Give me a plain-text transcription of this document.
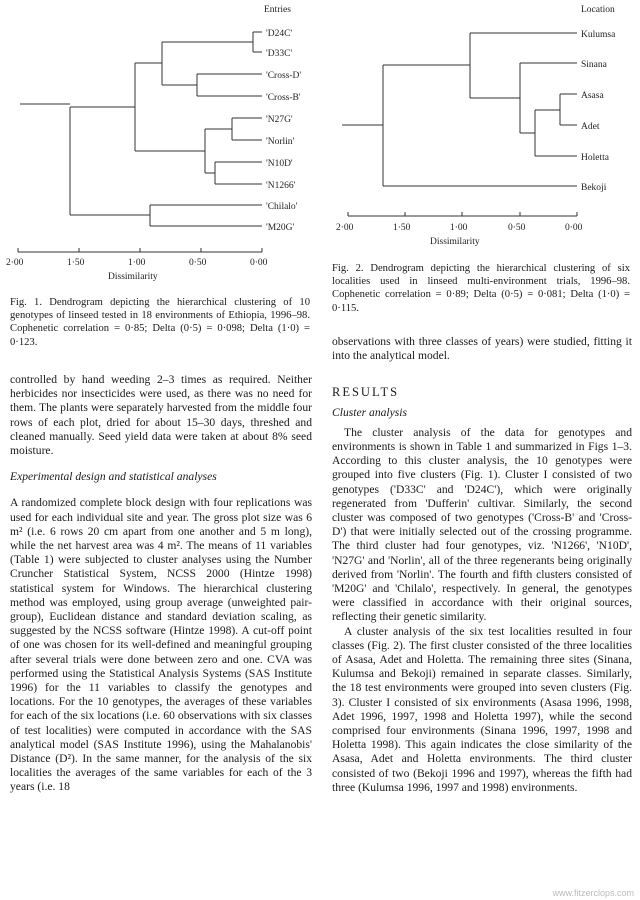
Entries
'D24C'
'D33C'
'Cross-D'
'Cross-B'
'N27G'
'Norlin'
'N10D'
'N1266'
'Chilalo'
'M20G'
2·00	1·50	1·00	0·50	0·00
Dissimilarity
Fig. 1. Dendrogram depicting the hierarchical clustering of 10 genotypes of linseed tested in 18 environments of Ethiopia, 1996–98. Cophenetic correlation = 0·85; Delta (0·5) = 0·098; Delta (1·0) = 0·123.
Location
Kulumsa
Sinana
Asasa
Adet
Holetta
Bekoji
2·00	1·50	1·00	0·50	0·00
Dissimilarity
Fig. 2. Dendrogram depicting the hierarchical clustering of six localities used in linseed multi-environment trials, 1996–98. Cophenetic correlation = 0·89; Delta (0·5) = 0·081; Delta (1·0) = 0·115.

controlled by hand weeding 2–3 times as required. Neither herbicides nor insecticides were used, as there was no need for them. The plants were separately harvested from the middle four rows of each plot, dried for about 15–30 days, threshed and cleaned manually. Seed yield data were taken at about 8% seed moisture.

Experimental design and statistical analyses

A randomized complete block design with four replications was used for each individual site and year. The gross plot size was 6 m² (i.e. 6 rows 20 cm apart from one another and 5 m long), while the net harvest area was 4 m². The means of 11 variables (Table 1) were subjected to cluster analyses using the Number Cruncher Statistical System, NCSS 2000 (Hintze 1998) statistical system for Windows. The hierarchical clustering method was employed, using group average (unweighted pair-group), Euclidean distance and standard deviation scaling, as suggested by the NCSS software (Hintze 1998). A cut-off point of one was chosen for its well-defined and meaningful grouping after several trials were done between zero and one. CVA was performed using the Statistical Analysis Systems (SAS Institute 1996) for the 11 variables to classify the genotypes and locations. For the 10 genotypes, the averages of these variables for each of the six locations (i.e. 60 observations with six classes of test localities) were computed in accordance with the SAS analytical model (SAS Institute 1996), using the Mahalanobis' Distance (D²). In the same manner, for the analysis of the six localities the averages of the same variables for each of the 3 years (i.e. 18

observations with three classes of years) were studied, fitting it into the analytical model.

RESULTS

Cluster analysis

The cluster analysis of the data for genotypes and environments is shown in Table 1 and summarized in Figs 1–3. According to this cluster analysis, the 10 genotypes were grouped into five clusters (Fig. 1). Cluster I consisted of two genotypes ('D33C' and 'D24C'), which were originally regenerated from 'Dufferin' cultivar. Similarly, the second cluster was composed of two genotypes ('Cross-B' and 'Cross-D') that were initially selected out of the crossing programme. The third cluster had four genotypes, viz. 'N1266', 'N10D', 'N27G' and 'Norlin', all of the three regenerants being originally derived from 'Norlin'. The fourth and fifth clusters consisted of 'M20G' and 'Chilalo', respectively. In general, the genotypes were classified in accordance with their original sources, reflecting their genetic similarity.

A cluster analysis of the six test localities resulted in four classes (Fig. 2). The first cluster consisted of the three localities of Asasa, Adet and Holetta. The remaining three sites (Sinana, Kulumsa and Bekoji) remained in separate classes. Similarly, the 18 test environments were grouped into seven clusters (Fig. 3). Cluster I consisted of six environments (Asasa 1996, 1998, Adet 1996, 1997, 1998 and Holetta 1997), while the second comprised four environments (Sinana 1996, 1997, 1998 and Holetta 1998). This again indicates the close similarity of the Asasa, Adet and Holetta environments. The third cluster consisted of two (Bekoji 1996 and 1997), whereas the fifth had three (Kulumsa 1996, 1997 and 1998) environments.

www.fitzerclops.com
